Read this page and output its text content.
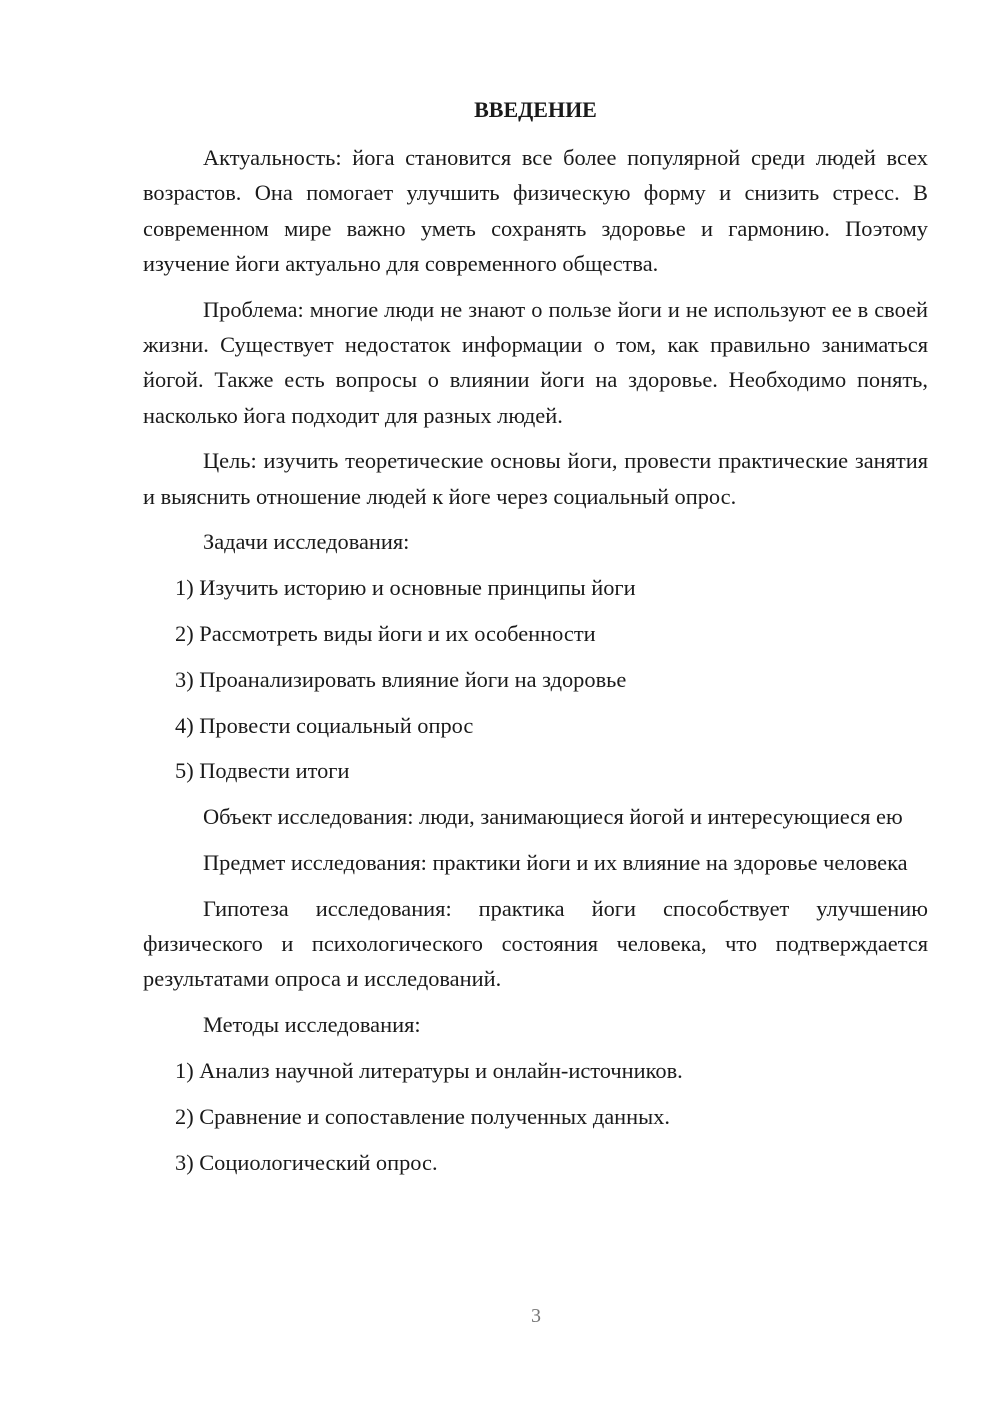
ВВЕДЕНИЕ

Актуальность: йога становится все более популярной среди людей всех возрастов. Она помогает улучшить физическую форму и снизить стресс. В современном мире важно уметь сохранять здоровье и гармонию. Поэтому изучение йоги актуально для современного общества.

Проблема: многие люди не знают о пользе йоги и не используют ее в своей жизни. Существует недостаток информации о том, как правильно заниматься йогой. Также есть вопросы о влиянии йоги на здоровье. Необходимо понять, насколько йога подходит для разных людей.

Цель: изучить теоретические основы йоги, провести практические занятия и выяснить отношение людей к йоге через социальный опрос.

Задачи исследования:

1) Изучить историю и основные принципы йоги

2) Рассмотреть виды йоги и их особенности

3) Проанализировать влияние йоги на здоровье

4) Провести социальный опрос

5) Подвести итоги

Объект исследования: люди, занимающиеся йогой и интересующиеся ею

Предмет исследования: практики йоги и их влияние на здоровье человека

Гипотеза исследования: практика йоги способствует улучшению физического и психологического состояния человека, что подтверждается результатами опроса и исследований.

Методы исследования:

1) Анализ научной литературы и онлайн-источников.

2) Сравнение и сопоставление полученных данных.

3) Социологический опрос.

3
